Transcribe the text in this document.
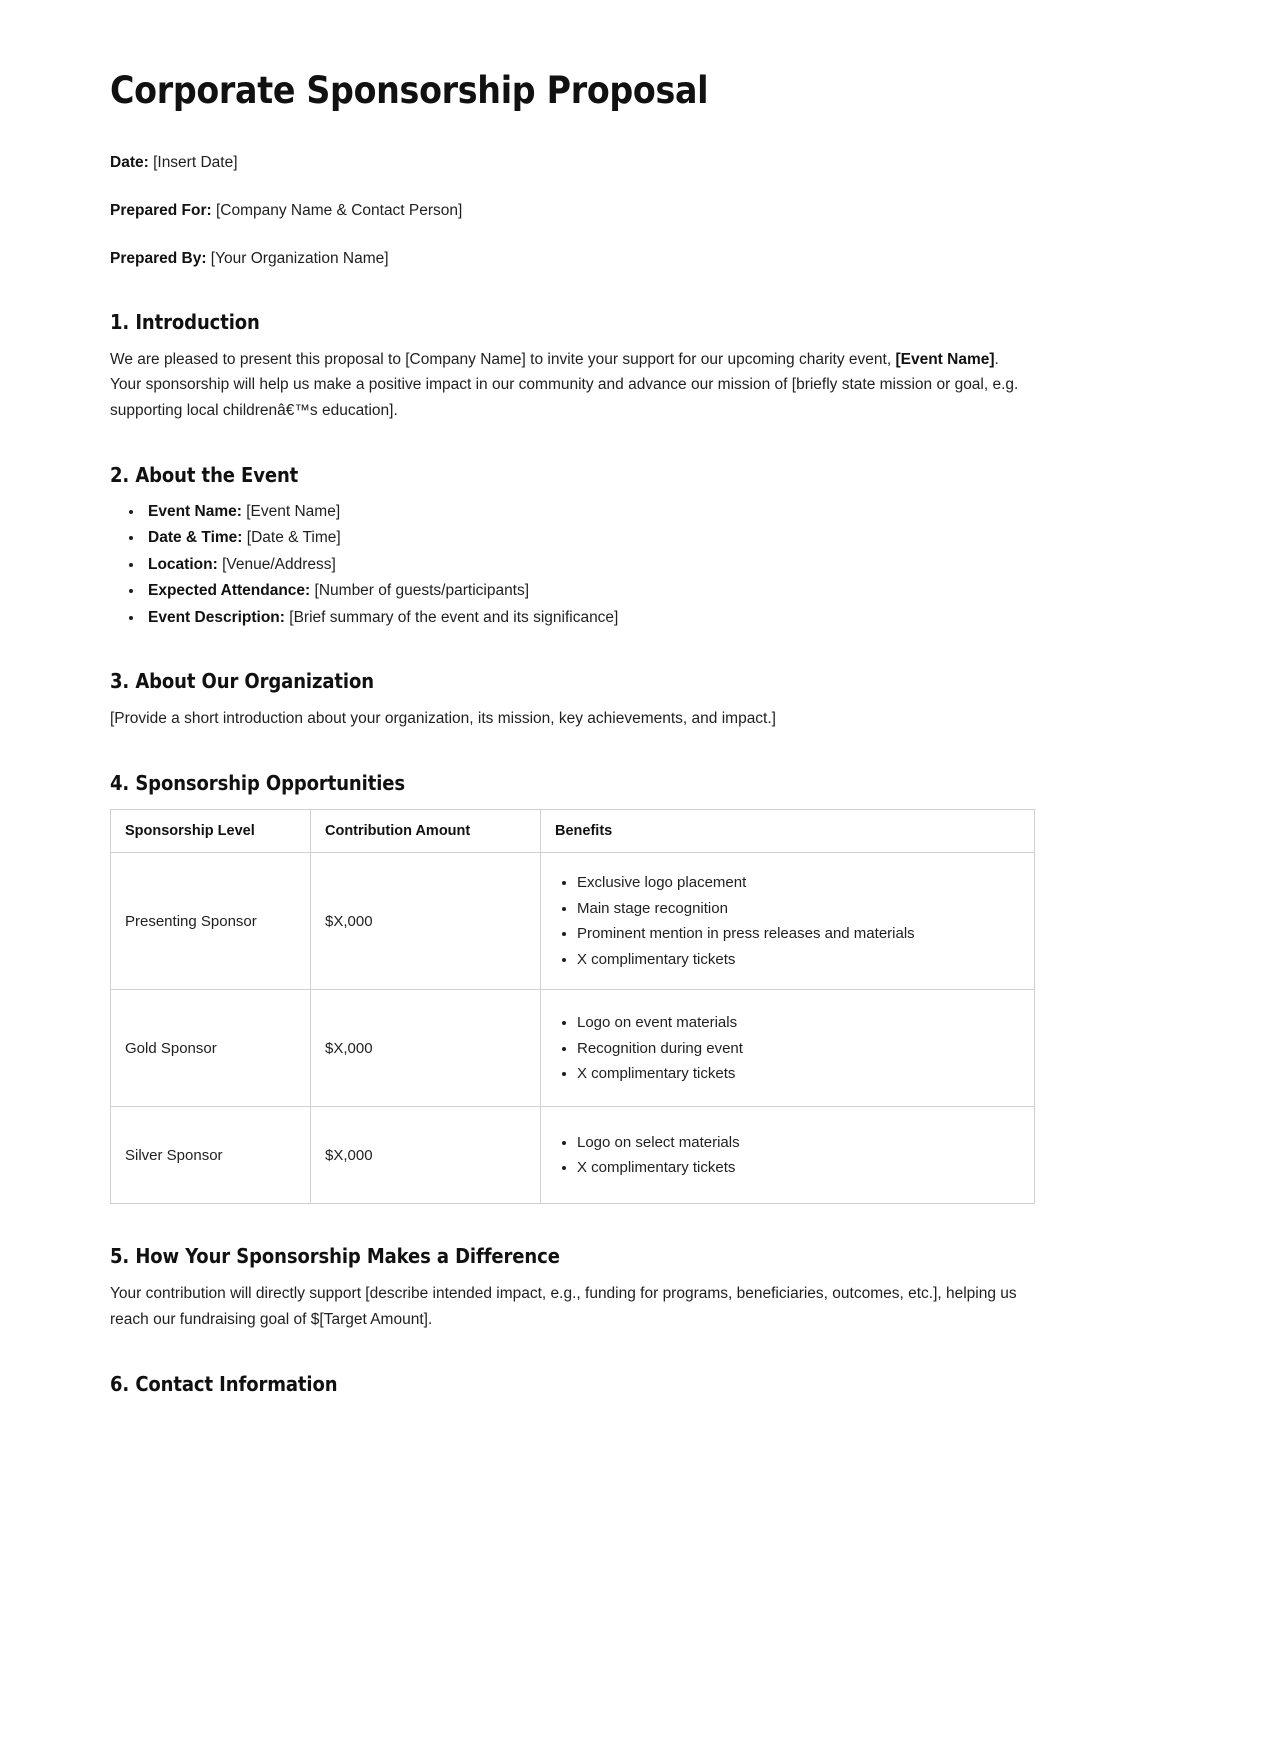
Corporate Sponsorship Proposal

Date: [Insert Date]

Prepared For: [Company Name & Contact Person]

Prepared By: [Your Organization Name]

1. Introduction

We are pleased to present this proposal to [Company Name] to invite your support for our upcoming charity event, [Event Name]. Your sponsorship will help us make a positive impact in our community and advance our mission of [briefly state mission or goal, e.g. supporting local childrenâ€™s education].

2. About the Event
• Event Name: [Event Name]
• Date & Time: [Date & Time]
• Location: [Venue/Address]
• Expected Attendance: [Number of guests/participants]
• Event Description: [Brief summary of the event and its significance]
3. About Our Organization

[Provide a short introduction about your organization, its mission, key achievements, and impact.]

4. Sponsorship Opportunities
Sponsorship Level	Contribution Amount	Benefits
Presenting Sponsor	$X,000	
• Exclusive logo placement
• Main stage recognition
• Prominent mention in press releases and materials
• X complimentary tickets

Gold Sponsor	$X,000	
• Logo on event materials
• Recognition during event
• X complimentary tickets

Silver Sponsor	$X,000	
• Logo on select materials
• X complimentary tickets
5. How Your Sponsorship Makes a Difference

Your contribution will directly support [describe intended impact, e.g., funding for programs, beneficiaries, outcomes, etc.], helping us reach our fundraising goal of $[Target Amount].

6. Contact Information
